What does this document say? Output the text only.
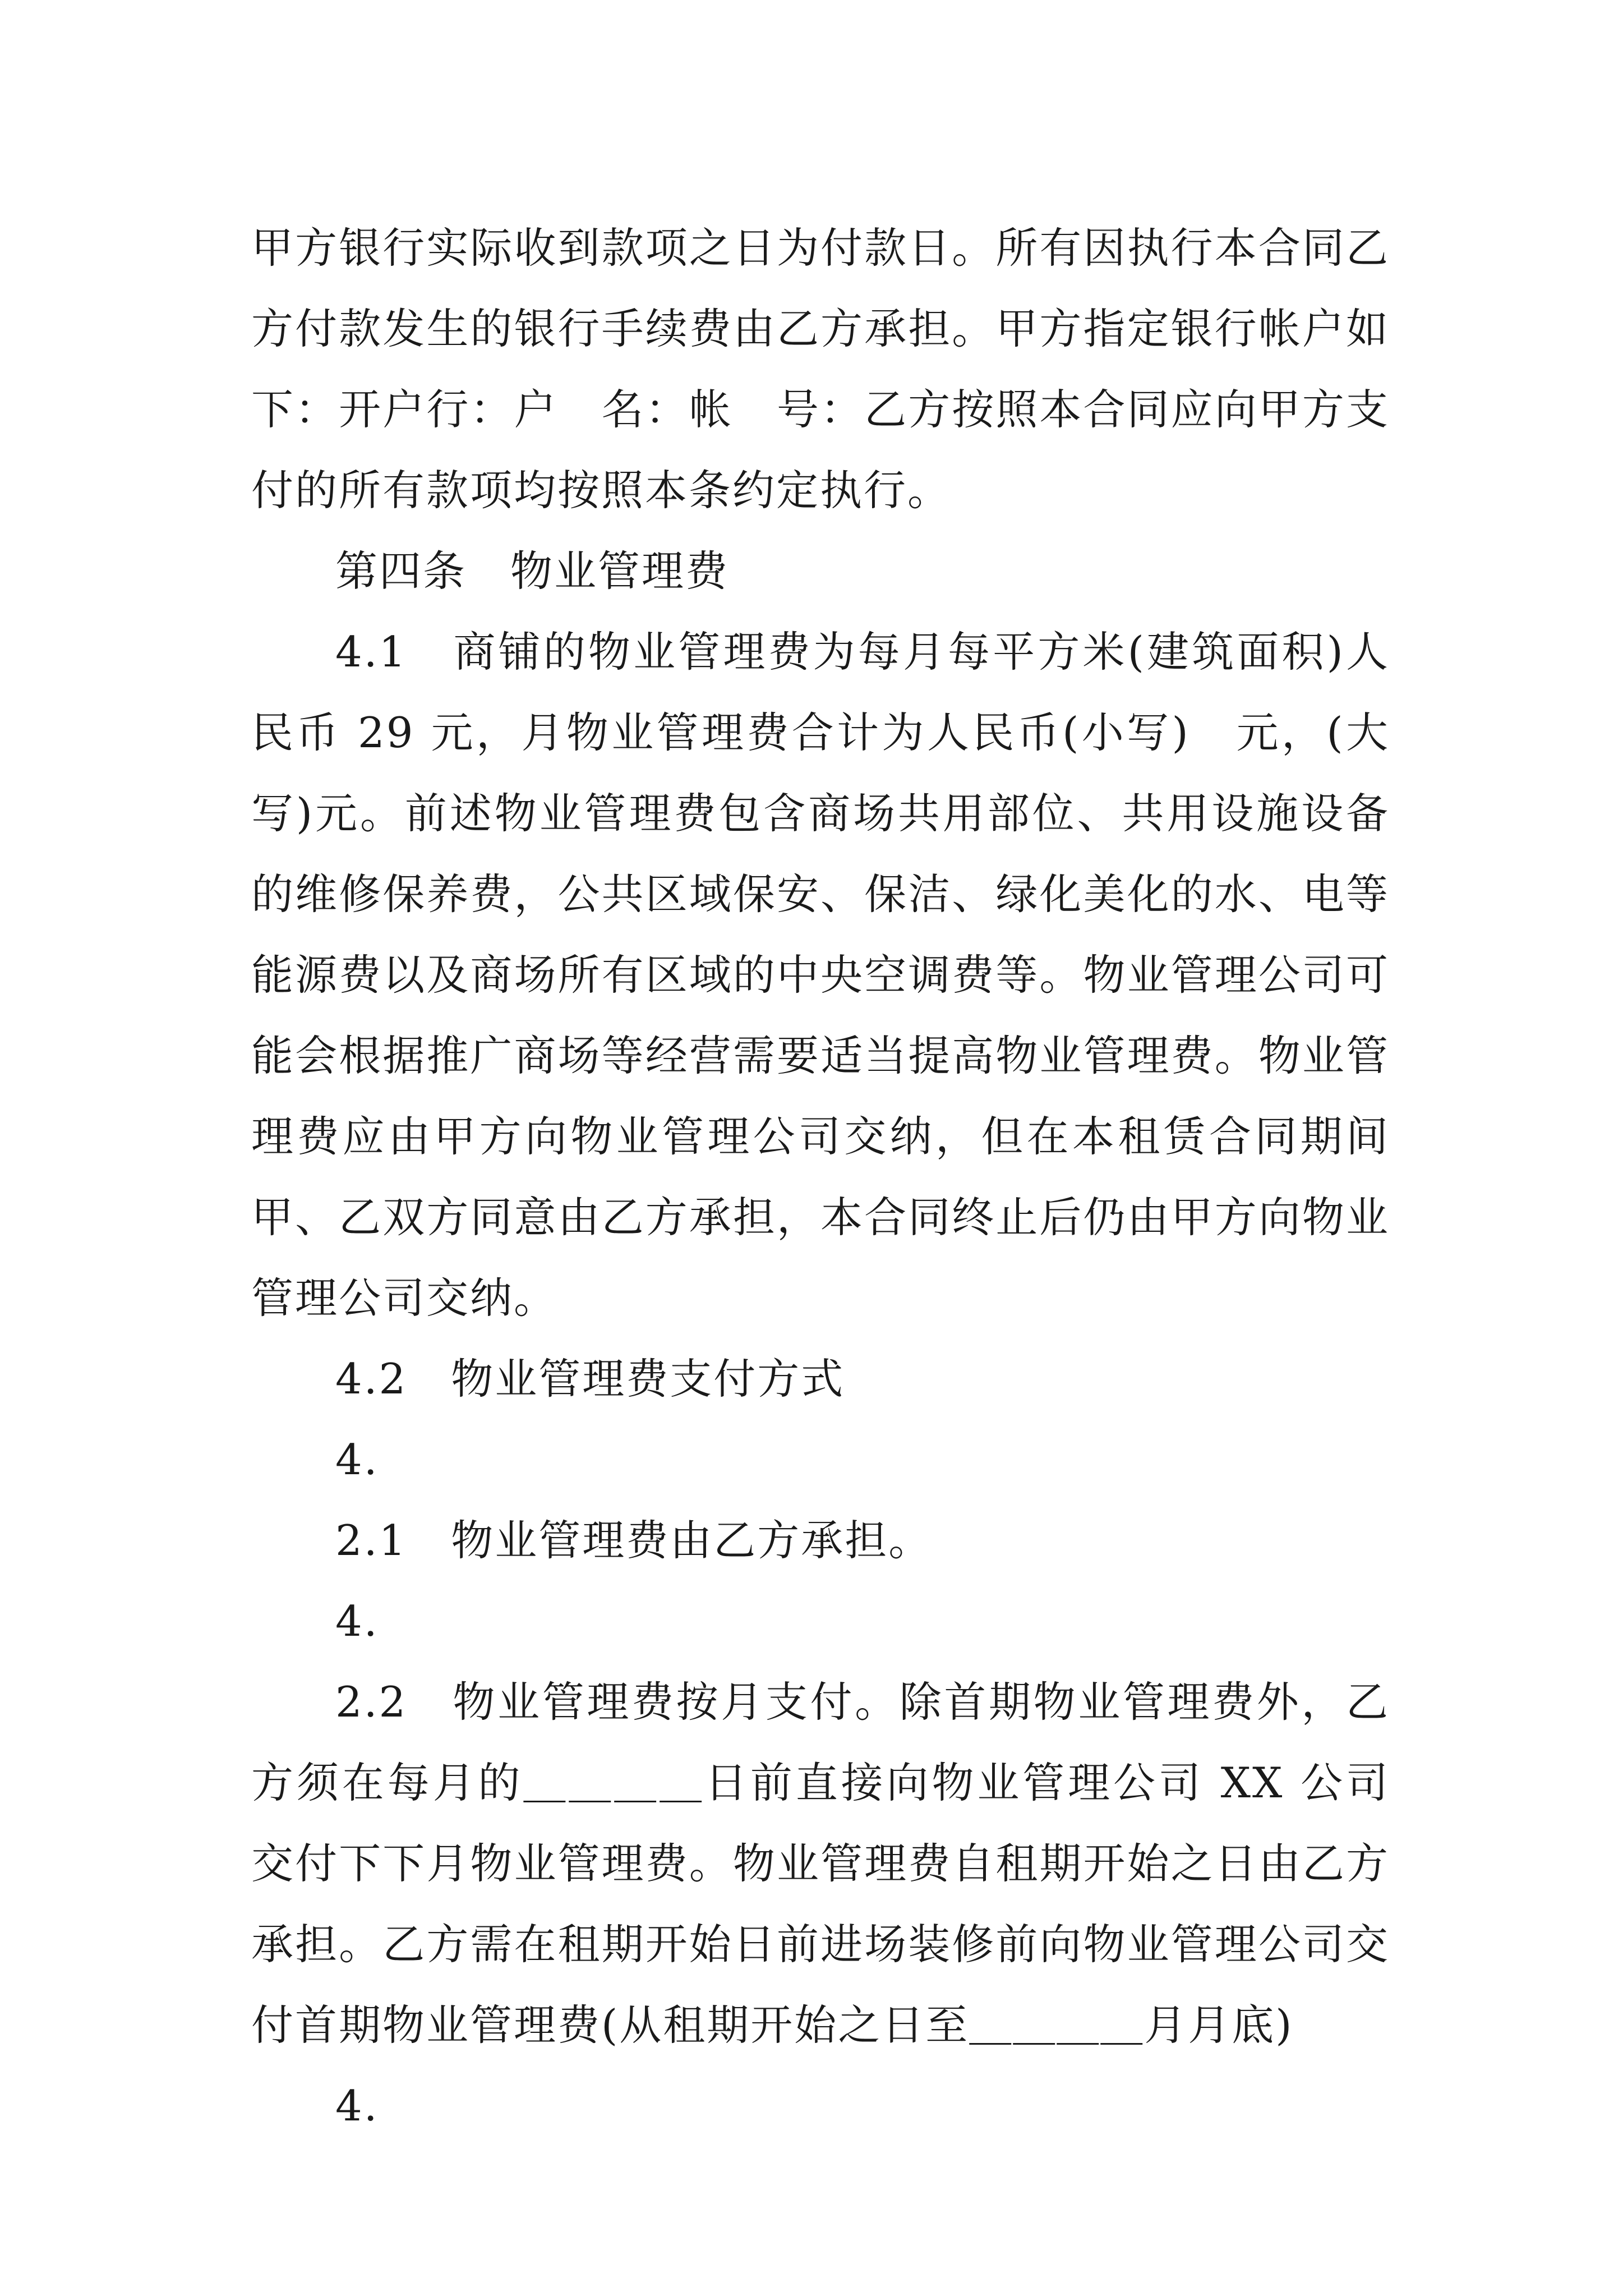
甲方银行实际收到款项之日为付款日。所有因执行本合同乙方付款发生的银行手续费由乙方承担。甲方指定银行帐户如下：开户行：户　名：帐　号：乙方按照本合同应向甲方支付的所有款项均按照本条约定执行。

第四条　物业管理费

4.1　商铺的物业管理费为每月每平方米(建筑面积)人民币 29 元，月物业管理费合计为人民币(小写)　元，(大写)元。前述物业管理费包含商场共用部位、共用设施设备的维修保养费，公共区域保安、保洁、绿化美化的水、电等能源费以及商场所有区域的中央空调费等。物业管理公司可能会根据推广商场等经营需要适当提高物业管理费。物业管理费应由甲方向物业管理公司交纳，但在本租赁合同期间甲、乙双方同意由乙方承担，本合同终止后仍由甲方向物业管理公司交纳。

4.2　物业管理费支付方式

4.

2.1　物业管理费由乙方承担。

4.

2.2　物业管理费按月支付。除首期物业管理费外，乙方须在每月的＿＿＿＿日前直接向物业管理公司 XX 公司交付下下月物业管理费。物业管理费自租期开始之日由乙方承担。乙方需在租期开始日前进场装修前向物业管理公司交付首期物业管理费(从租期开始之日至＿＿＿＿月月底)

4.
